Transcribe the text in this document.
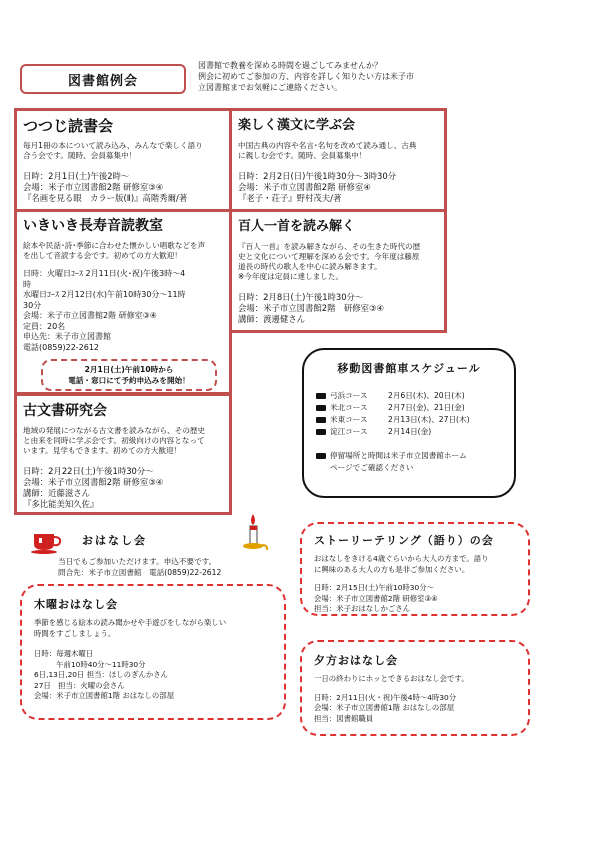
図書館例会
図書館で教養を深める時間を過ごしてみませんか？
例会に初めてご参加の方、内容を詳しく知りたい方は米子市
立図書館までお気軽にご連絡ください。
つつじ読書会
毎月1冊の本について読み込み、みんなで楽しく語り
合う会です。随時、会員募集中！
日時：2月1日(土)午後2時～
会場：米子市立図書館2階 研修室③④
『名画を見る眼　カラー版(Ⅱ)』高階秀爾/著
楽しく漢文に学ぶ会
中国古典の内容や名言･名句を改めて読み通し、古典
に親しむ会です。随時、会員募集中！
日時：2月2日(日)午後1時30分～3時30分
会場：米子市立図書館2階 研修室④
『老子・荘子』野村茂夫/著
いきいき長寿音読教室
絵本や民話･詩･季節に合わせた懐かしい唱歌などを声
を出して音読する会です。初めての方大歓迎！
日時：火曜日ｺｰｽ 2月11日(火･祝)午後3時～4
時
水曜日ｺｰｽ 2月12日(水)午前10時30分～11時
30分
会場：米子市立図書館2階 研修室③④
定員：20名
申込先：米子市立図書館
電話(0859)22-2612
2月1日(土)午前10時から
電話・窓口にて予約申込みを開始！
百人一首を読み解く
『百人一首』を読み解きながら、その生きた時代の歴
史と文化について理解を深める会です。今年度は藤原
道長の時代の歌人を中心に読み解きます。
※今年度は定員に達しました。
日時：2月8日(土)午後1時30分～
会場：米子市立図書館2階　研修室③④
講師：渡邊健さん
古文書研究会
地域の発展につながる古文書を読みながら、その歴史
と由来を同時に学ぶ会です。初級向けの内容となって
います。見学もできます。初めての方大歓迎！
日時：2月22日(土)午後1時30分～
会場：米子市立図書館2階 研修室③④
講師：近藤滋さん
『多比能美知久佐』
移動図書館車スケジュール
弓浜コース	2月6日(木)、20日(木)
米北コース	2月7日(金)、21日(金)
米東コース	2月13日(木)、27日(木)
淀江コース	2月14日(金)
停留場所と時間は米子市立図書館ホーム
ページでご確認ください
おはなし会
当日でもご参加いただけます。申込不要です。
問合先：米子市立図書館　電話(0859)22-2612
木曜おはなし会
季節を感じる絵本の読み聞かせや手遊びをしながら楽しい
時間をすごしましょう。
日時：毎週木曜日
　　　午前10時40分～11時30分
6日,13日,20日 担当：ほしのぎんかさん
27日　担当：火曜の会さん
会場：米子市立図書館1階 おはなしの部屋
ストーリーテリング（語り）の会
おはなしをきける4歳ぐらいから大人の方まで。語り
に興味のある大人の方も是非ご参加ください。
日時：2月15日(土)午前10時30分～
会場：米子市立図書館2階 研修室③④
担当：米子おはなしかごさん
夕方おはなし会
一日の終わりにホッとできるおはなし会です。
日時：2月11日(火・祝)午後4時～4時30分
会場：米子市立図書館1階 おはなしの部屋
担当：図書館職員
